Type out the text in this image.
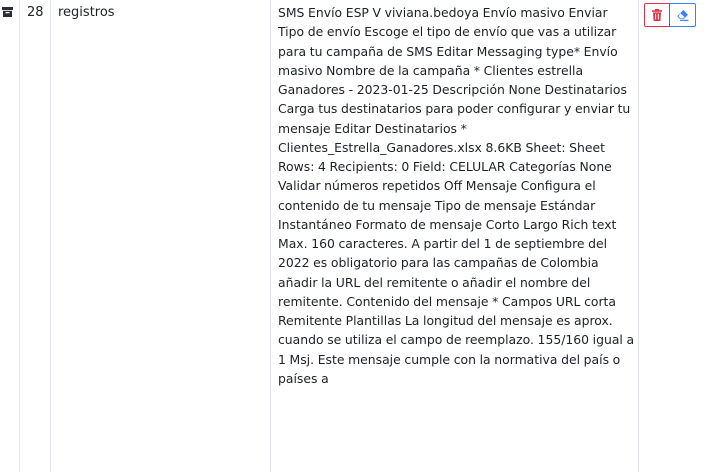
28 registros	SMS Envío ESP V viviana.bedoya Envío masivo Enviar Tipo de envío Escoge el tipo de envío que vas a utilizar para tu campaña de SMS Editar Messaging type* Envío masivo Nombre de la campaña * Clientes estrella Ganadores - 2023-01-25 Descripción None Destinatarios Carga tus destinatarios para poder configurar y enviar tu mensaje Editar Destinatarios * Clientes_Estrella_Ganadores.xlsx 8.6KB Sheet: Sheet Rows: 4 Recipients: 0 Field: CELULAR Categorías None Validar números repetidos Off Mensaje Configura el contenido de tu mensaje Tipo de mensaje Estándar Instantáneo Formato de mensaje Corto Largo Rich text Max. 160 caracteres. A partir del 1 de septiembre del 2022 es obligatorio para las campañas de Colombia añadir la URL del remitente o añadir el nombre del remitente. Contenido del mensaje * Campos URL corta Remitente Plantillas La longitud del mensaje es aprox. cuando se utiliza el campo de reemplazo. 155/160 igual a 1 Msj. Este mensaje cumple con la normativa del país o países a
